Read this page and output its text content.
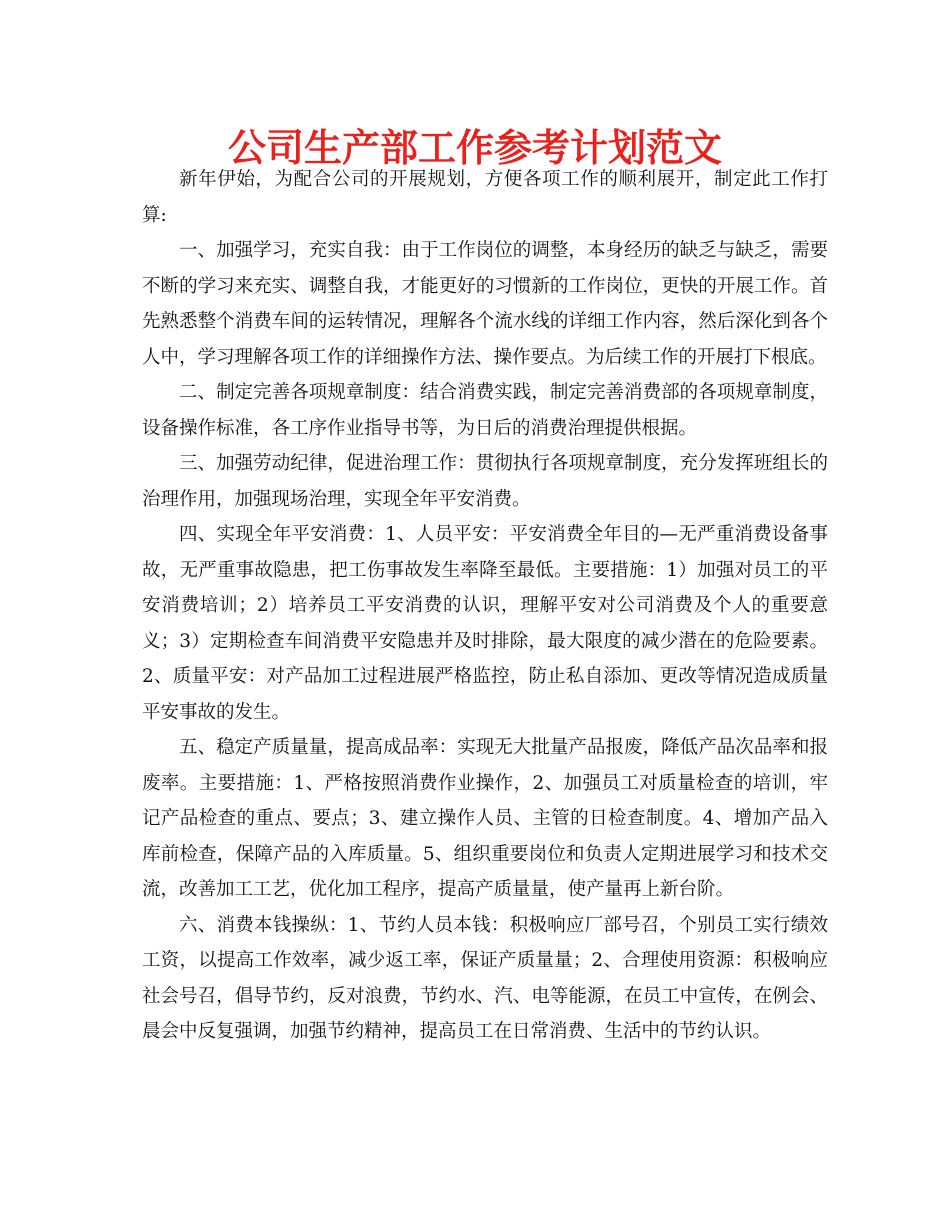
公司生产部工作参考计划范文

新年伊始，为配合公司的开展规划，方便各项工作的顺利展开，制定此工作打算:

一、加强学习，充实自我：由于工作岗位的调整，本身经历的缺乏与缺乏，需要不断的学习来充实、调整自我，才能更好的习惯新的工作岗位，更快的开展工作。首先熟悉整个消费车间的运转情况，理解各个流水线的详细工作内容，然后深化到各个人中，学习理解各项工作的详细操作方法、操作要点。为后续工作的开展打下根底。

二、制定完善各项规章制度：结合消费实践，制定完善消费部的各项规章制度，设备操作标准，各工序作业指导书等，为日后的消费治理提供根据。

三、加强劳动纪律，促进治理工作：贯彻执行各项规章制度，充分发挥班组长的治理作用，加强现场治理，实现全年平安消费。

四、实现全年平安消费：1、人员平安：平安消费全年目的—无严重消费设备事故，无严重事故隐患，把工伤事故发生率降至最低。主要措施：1）加强对员工的平安消费培训；2）培养员工平安消费的认识，理解平安对公司消费及个人的重要意义；3）定期检查车间消费平安隐患并及时排除，最大限度的减少潜在的危险要素。2、质量平安：对产品加工过程进展严格监控，防止私自添加、更改等情况造成质量平安事故的发生。

五、稳定产质量量，提高成品率：实现无大批量产品报废，降低产品次品率和报废率。主要措施：1、严格按照消费作业操作，2、加强员工对质量检查的培训，牢记产品检查的重点、要点；3、建立操作人员、主管的日检查制度。4、增加产品入库前检查，保障产品的入库质量。5、组织重要岗位和负责人定期进展学习和技术交流，改善加工工艺，优化加工程序，提高产质量量，使产量再上新台阶。

六、消费本钱操纵：1、节约人员本钱：积极响应厂部号召，个别员工实行绩效工资，以提高工作效率，减少返工率，保证产质量量；2、合理使用资源：积极响应社会号召，倡导节约，反对浪费，节约水、汽、电等能源，在员工中宣传，在例会、晨会中反复强调，加强节约精神，提高员工在日常消费、生活中的节约认识。
